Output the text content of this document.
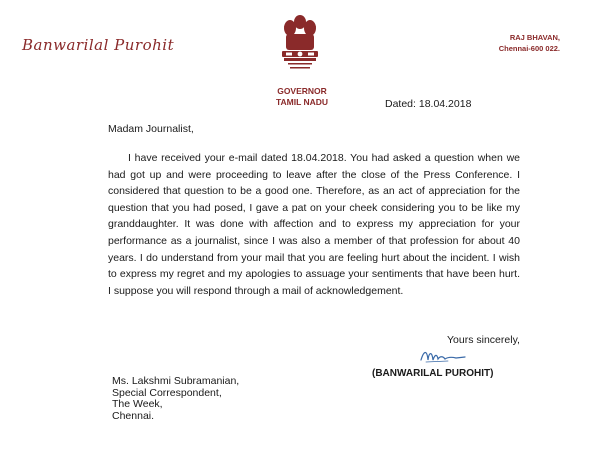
Banwarilal Purohit
GOVERNOR
TAMIL NADU
RAJ BHAVAN,
Chennai-600 022.
Dated: 18.04.2018
Madam Journalist,
I have received your e-mail dated 18.04.2018. You had asked a question when we had got up and were proceeding to leave after the close of the Press Conference. I considered that question to be a good one. Therefore, as an act of appreciation for the question that you had posed, I gave a pat on your cheek considering you to be like my granddaughter. It was done with affection and to express my appreciation for your performance as a journalist, since I was also a member of that profession for about 40 years. I do understand from your mail that you are feeling hurt about the incident. I wish to express my regret and my apologies to assuage your sentiments that have been hurt. I suppose you will respond through a mail of acknowledgement.
Yours sincerely,
(BANWARILAL PUROHIT)
Ms. Lakshmi Subramanian,
Special Correspondent,
The Week,
Chennai.
